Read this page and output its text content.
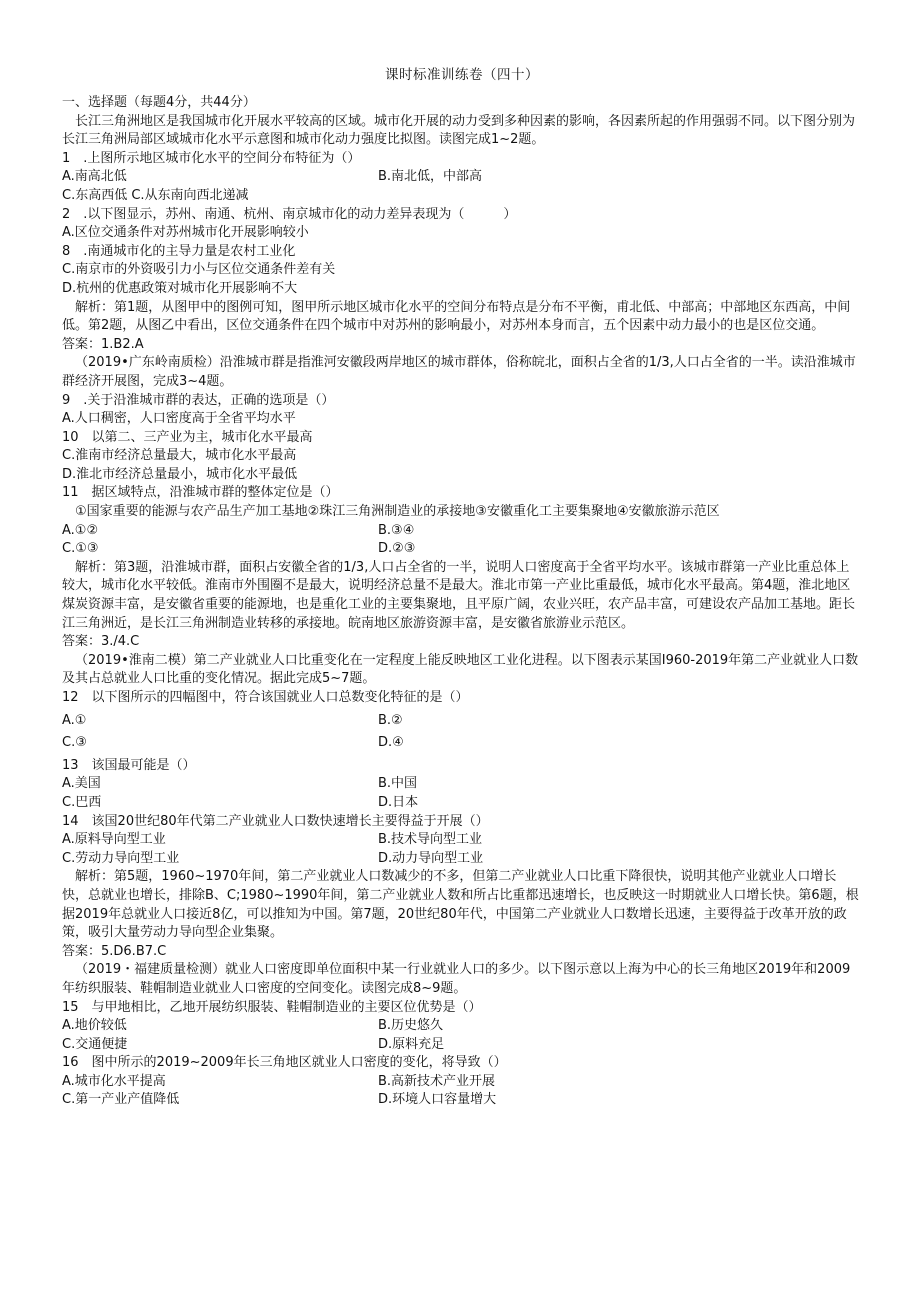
课时标准训练卷（四十）
一、选择题（每题4分，共44分）
长江三角洲地区是我国城市化开展水平较高的区域。城市化开展的动力受到多种因素的影响，各因素所起的作用强弱不同。以下图分别为长江三角洲局部区域城市化水平示意图和城市化动力强度比拟图。读图完成1~2题。
1　.上图所示地区城市化水平的空间分布特征为（）
A.南高北低	B.南北低，中部高
C.东高西低 C.从东南向西北递减
2　.以下图显示，苏州、南通、杭州、南京城市化的动力差异表现为（　　　）
A.区位交通条件对苏州城市化开展影响较小
8　.南通城市化的主导力量是农村工业化
C.南京市的外资吸引力小与区位交通条件差有关
D.杭州的优惠政策对城市化开展影响不大
解析：第1题，从图甲中的图例可知，图甲所示地区城市化水平的空间分布特点是分布不平衡，甫北低、中部高；中部地区东西高，中间低。第2题，从图乙中看出，区位交通条件在四个城市中对苏州的影响最小，对苏州本身而言，五个因素中动力最小的也是区位交通。
答案：1.B2.A
（2019•广东岭南质检）沿淮城市群是指淮河安徽段两岸地区的城市群体，俗称皖北，面积占全省的1/3,人口占全省的一半。读沿淮城市群经济开展图，完成3~4题。
9　.关于沿淮城市群的表达，正确的选项是（）
A.人口稠密，人口密度高于全省平均水平
10　以第二、三产业为主，城市化水平最高
C.淮南市经济总量最大，城市化水平最高
D.淮北市经济总量最小，城市化水平最低
11　据区域特点，沿淮城市群的整体定位是（）
①国家重要的能源与农产品生产加工基地②珠江三角洲制造业的承接地③安徽重化工主要集聚地④安徽旅游示范区
A.①②	B.③④
C.①③	D.②③
解析：第3题，沿淮城市群，面积占安徽全省的1/3,人口占全省的一半，说明人口密度高于全省平均水平。该城市群第一产业比重总体上较大，城市化水平较低。淮南市外围圈不是最大，说明经济总量不是最大。淮北市第一产业比重最低，城市化水平最高。第4题，淮北地区煤炭资源丰富，是安徽省重要的能源地，也是重化工业的主要集聚地，且平原广阔，农业兴旺，农产品丰富，可建设农产品加工基地。距长江三角洲近，是长江三角洲制造业转移的承接地。皖南地区旅游资源丰富，是安徽省旅游业示范区。
答案：3./4.C
（2019•淮南二模）第二产业就业人口比重变化在一定程度上能反映地区工业化进程。以下图表示某国I960-2019年第二产业就业人口数及其占总就业人口比重的变化情况。据此完成5~7题。
12　以下图所示的四幅图中，符合该国就业人口总数变化特征的是（）
A.①	B.②
C.③	D.④
13　该国最可能是（）
A.美国	B.中国
C.巴西	D.日本
14　该国20世纪80年代第二产业就业人口数快速增长主要得益于开展（）
A.原料导向型工业	B.技术导向型工业
C.劳动力导向型工业	D.动力导向型工业
解析：第5题，1960~1970年间，第二产业就业人口数减少的不多，但第二产业就业人口比重下降很快，说明其他产业就业人口增长快，总就业也增长，排除B、C;1980~1990年间，第二产业就业人数和所占比重都迅速增长，也反映这一时期就业人口增长快。第6题，根据2019年总就业人口接近8亿，可以推知为中国。第7题，20世纪80年代，中国第二产业就业人口数增长迅速，主要得益于改革开放的政策，吸引大量劳动力导向型企业集聚。
答案：5.D6.B7.C
（2019・福建质量检测）就业人口密度即单位面积中某一行业就业人口的多少。以下图示意以上海为中心的长三角地区2019年和2009年纺织服装、鞋帽制造业就业人口密度的空间变化。读图完成8~9题。
15　与甲地相比，乙地开展纺织服装、鞋帽制造业的主要区位优势是（）
A.地价较低	B.历史悠久
C.交通便捷	D.原料充足
16　图中所示的2019~2009年长三角地区就业人口密度的变化，将导致（）
A.城市化水平提高	B.高新技术产业开展
C.第一产业产值降低	D.环境人口容量增大
